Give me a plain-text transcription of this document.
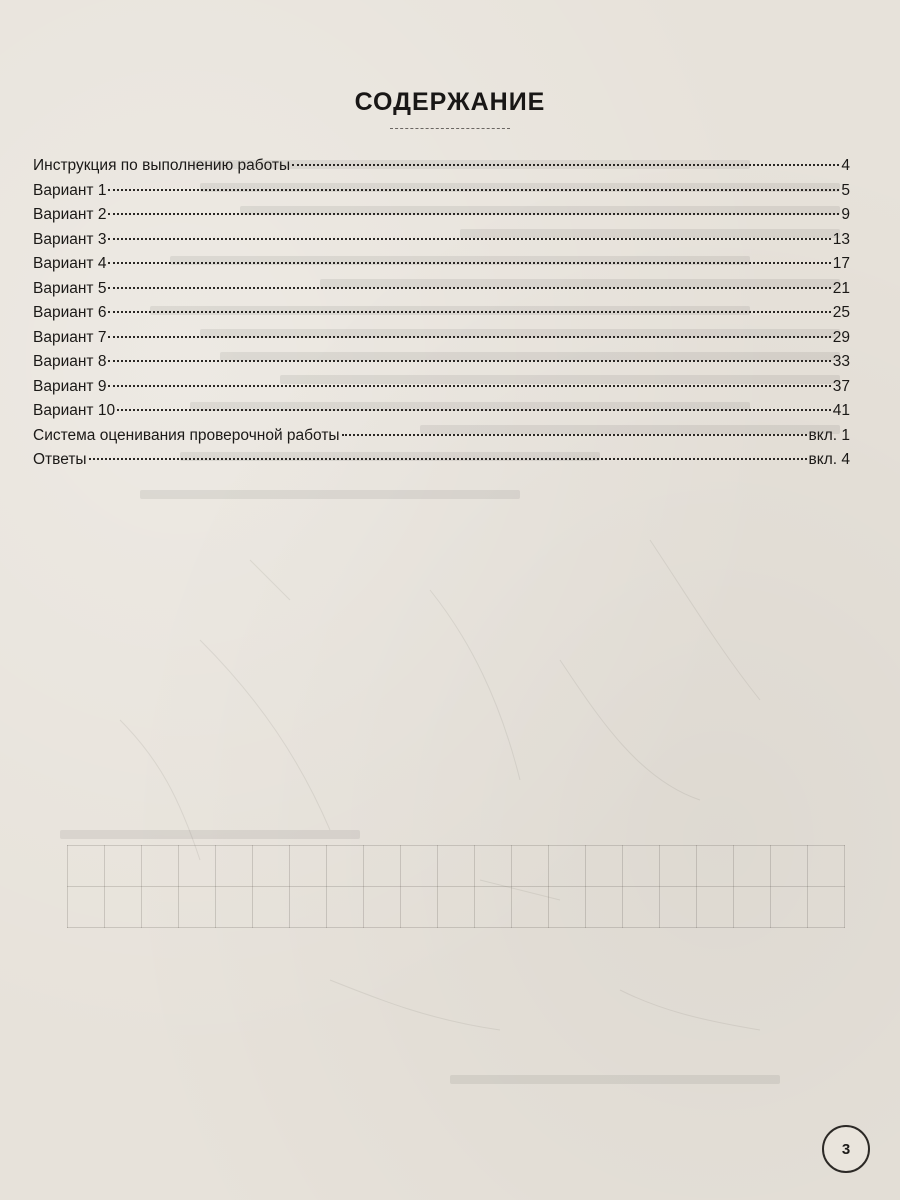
СОДЕРЖАНИЕ
Инструкция по выполнению работы	4
Вариант 1	5
Вариант 2	9
Вариант 3	13
Вариант 4	17
Вариант 5	21
Вариант 6	25
Вариант 7	29
Вариант 8	33
Вариант 9	37
Вариант 10	41
Система оценивания проверочной работы	вкл. 1
Ответы	вкл. 4
3
